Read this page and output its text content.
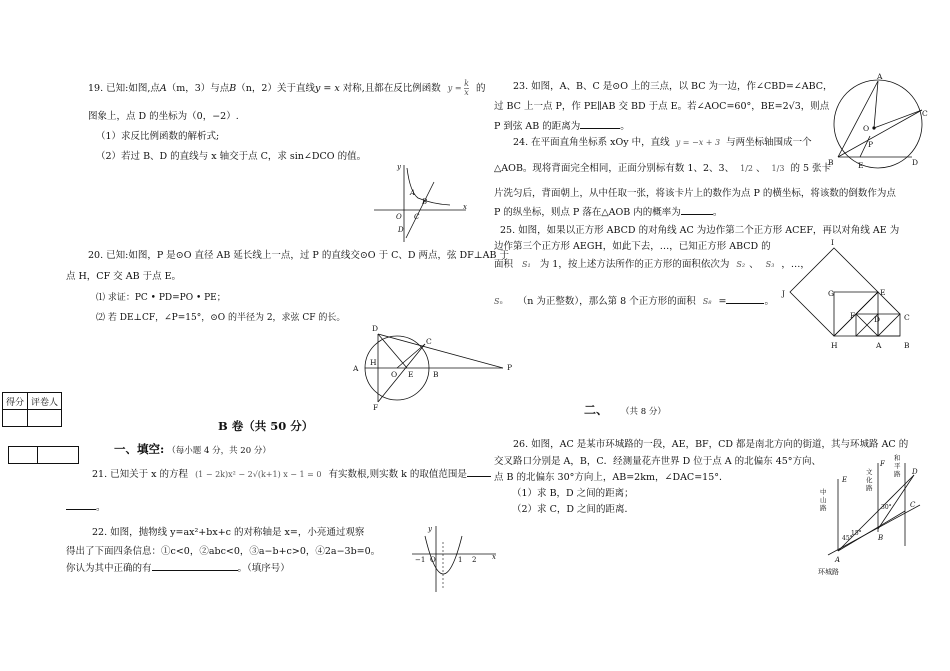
19. 已知:如图,点A（m，3）与点B（n，2）关于直线y = x 对称,且都在反比例函数 $y = \frac{k}{x}$ 的
图象上，点 D 的坐标为（0，−2）.
（1）求反比例函数的解析式;
（2）若过 B、D 的直线与 x 轴交于点 C，求 sin∠DCO 的值。
y
x
O C
B
A
D
20. 已知:如图，P 是⊙O 直径 AB 延长线上一点，过 P 的直线交⊙O 于 C、D 两点，弦 DF⊥AB 于
点 H，CF 交 AB 于点 E。
⑴ 求证：PC • PD=PO • PE；
⑵ 若 DE⊥CF，∠P=15°，⊙O 的半径为 2，求弦 CF 的长。
D
C
A
H
O E	B
P
F
得分	评卷人

B 卷（共 50 分）
一、填空: （每小题 4 分，共 20 分）
21. 已知关于 x 的方程 (1 − 2k)x² − 2√(k+1) x − 1 = 0 有实数根,则实数 k 的取值范围是
。
22. 如图，抛物线 y=ax²+bx+c 的对称轴是 x=，小亮通过观察
得出了下面四条信息：①c<0，②abc<0，③a−b+c>0，④2a−3b=0。
你认为其中正确的有	。（填序号）
y
x
−1 O	1 2
23. 如图，A、B、C 是⊙O 上的三点，以 BC 为一边，作∠CBD=∠ABC，
过 BC 上一点 P，作 PE∥AB 交 BD 于点 E。若∠AOC=60°，BE=2√3，则点
P 到弦 AB 的距离为	。
A
C
O
P
B	E	D
24. 在平面直角坐标系 xOy 中，直线 y = −x + 3 与两坐标轴围成一个
△AOB。现将背面完全相同，正面分别标有数 1、2、3、 1/2 、 1/3 的 5 张卡
片洗匀后，背面朝上，从中任取一张，将该卡片上的数作为点 P 的横坐标，将该数的倒数作为点
P 的纵坐标，则点 P 落在△AOB 内的概率为	。
25. 如图，如果以正方形 ABCD 的对角线 AC 为边作第二个正方形 ACEF，再以对角线 AE 为
边作第三个正方形 AEGH，如此下去，…，已知正方形 ABCD 的
面积 S₁ 为 1，按上述方法所作的正方形的面积依次为 S₂ 、 S₃ ，…，
Sₙ （n 为正整数），那么第 8 个正方形的面积 S₈ =	。
I
J	G	E
F	D	C
H	A	B
二、 （共 8 分）
26. 如图，AC 是某市环城路的一段，AE，BF，CD 都是南北方向的街道，其与环城路 AC 的
交叉路口分别是 A，B，C．经测量花卉世界 D 位于点 A 的北偏东 45°方向、
点 B 的北偏东 30°方向上，AB=2km，∠DAC=15°．
（1）求 B，D 之间的距离；
（2）求 C，D 之间的距离．
E
F
D
C
B
A
45°
15°
30°
环城路
中山路
文化路
和平路
